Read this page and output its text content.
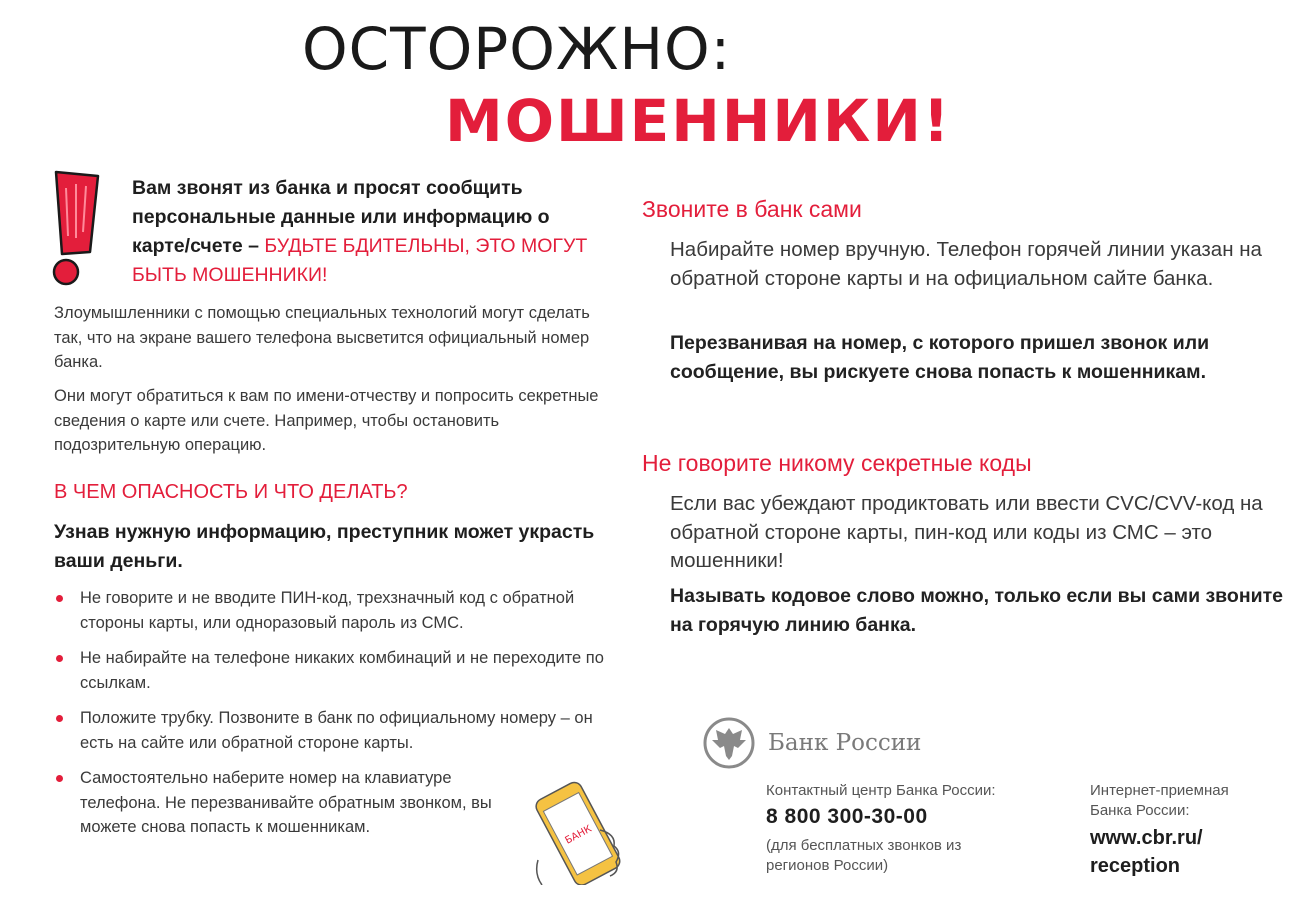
ОСТОРОЖНО:
МОШЕННИКИ!
Вам звонят из банка и просят сообщить персональные данные или информацию о карте/счете – БУДЬТЕ БДИТЕЛЬНЫ, ЭТО МОГУТ БЫТЬ МОШЕННИКИ!
Злоумышленники с помощью специальных технологий могут сделать так, что на экране вашего телефона высветится официальный номер банка.
Они могут обратиться к вам по имени-отчеству и попросить секретные сведения о карте или счете. Например, чтобы остановить подозрительную операцию.
В ЧЕМ ОПАСНОСТЬ И ЧТО ДЕЛАТЬ?
Узнав нужную информацию, преступник может украсть ваши деньги.
Не говорите и не вводите ПИН-код, трехзначный код с обратной стороны карты, или одноразовый пароль из СМС.
Не набирайте на телефоне никаких комбинаций и не переходите по ссылкам.
Положите трубку. Позвоните в банк по официальному номеру – он есть на сайте или обратной стороне карты.
Самостоятельно наберите номер на клавиатуре телефона. Не перезванивайте обратным звонком, вы можете снова попасть к мошенникам.	БАНК
Звоните в банк сами
Набирайте номер вручную. Телефон горячей линии указан на обратной стороне карты и на официальном сайте банка.
Перезванивая на номер, с которого пришел звонок или сообщение, вы рискуете снова попасть к мошенникам.
Не говорите никому секретные коды
Если вас убеждают продиктовать или ввести CVC/CVV-код на обратной стороне карты, пин-код или коды из СМС – это мошенники!
Называть кодовое слово можно, только если вы сами звоните на горячую линию банка.
Банк России
Контактный центр Банка России:
8 800 300-30-00
(для бесплатных звонков из регионов России)
Интернет-приемная Банка России:
www.cbr.ru/ reception
